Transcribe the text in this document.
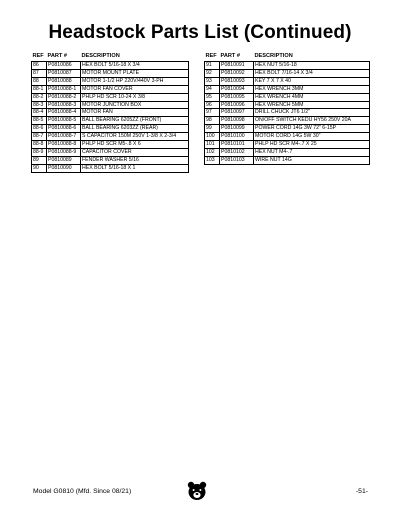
Headstock Parts List (Continued)
REF	PART #	DESCRIPTION
86	P0810086	HEX BOLT 5/16-18 X 3/4
87	P0810087	MOTOR MOUNT PLATE
88	P0810088	MOTOR 1-1/2 HP 220V/440V 3-PH
88-1	P0810088-1	MOTOR FAN COVER
88-2	P0810088-2	PHLP HD SCR 10-24 X 3/8
88-3	P0810088-3	MOTOR JUNCTION BOX
88-4	P0810088-4	MOTOR FAN
88-5	P0810088-5	BALL BEARING 6205ZZ (FRONT)
88-6	P0810088-6	BALL BEARING 6203ZZ (REAR)
88-7	P0810088-7	S CAPACITOR 150M 250V 1-3/8 X 2-3/4
88-8	P0810088-8	PHLP HD SCR M5-.8 X 6
88-9	P0810088-9	CAPACITOR COVER
89	P0810089	FENDER WASHER 5/16
90	P0810090	HEX BOLT 5/16-18 X 1
REF	PART #	DESCRIPTION
91	P0810091	HEX NUT 5/16-18
92	P0810092	HEX BOLT 7/16-14 X 3/4
93	P0810093	KEY 7 X 7 X 40
94	P0810094	HEX WRENCH 3MM
95	P0810095	HEX WRENCH 4MM
96	P0810096	HEX WRENCH 5MM
97	P0810097	DRILL CHUCK JT6 1/2"
98	P0810098	ON/OFF SWITCH KEDU HY56 250V 20A
99	P0810099	POWER CORD 14G 3W 72" 6-15P
100	P0810100	MOTOR CORD 14G 5W 30"
101	P0810101	PHLP HD SCR M4-.7 X 25
102	P0810102	HEX NUT M4-.7
103	P0810103	WIRE NUT 14G
Model G0810 (Mfd. Since 08/21)	-51-
